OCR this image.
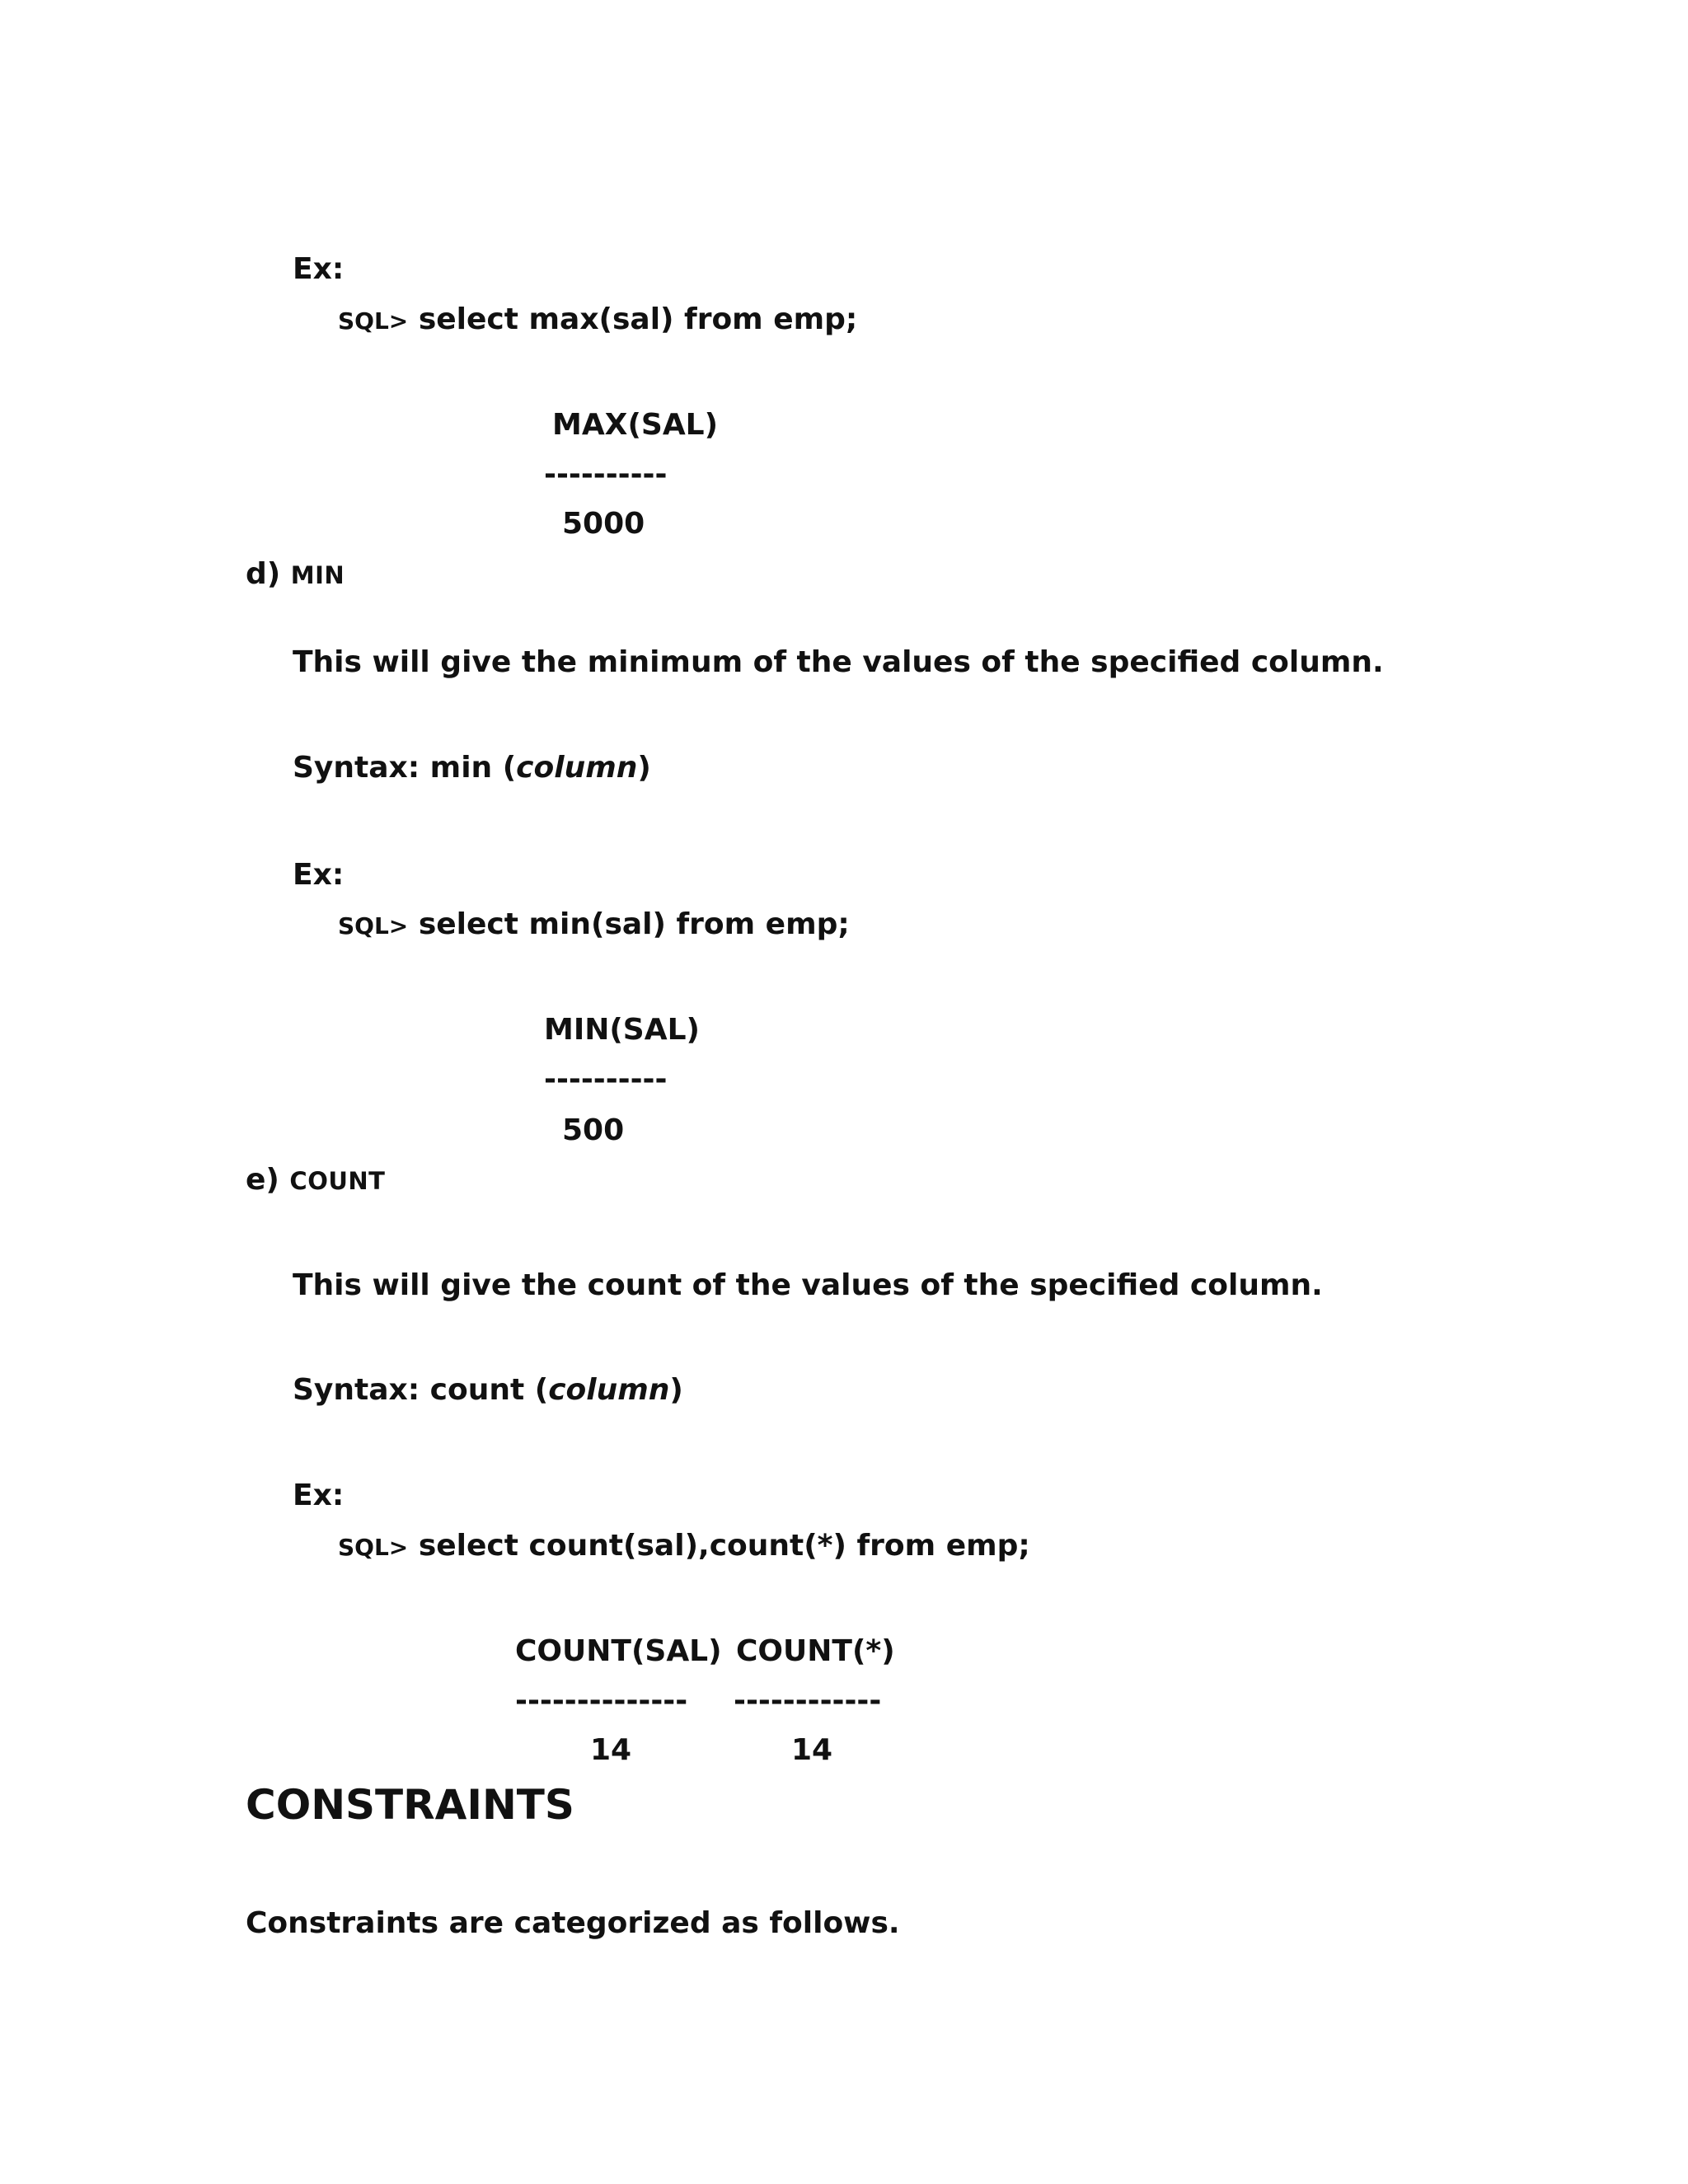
Ex:
SQL> select max(sal) from emp;
MAX(SAL)
----------
5000
d) MIN
This will give the minimum of the values of the specified column.
Syntax: min (column)
Ex:
SQL> select min(sal) from emp;
MIN(SAL)
----------
500
e) COUNT
This will give the count of the values of the specified column.
Syntax: count (column)
Ex:
SQL> select count(sal),count(*) from emp;
COUNT(SAL) COUNT(*)
-------------- ------------
14	14
CONSTRAINTS
Constraints are categorized as follows.
